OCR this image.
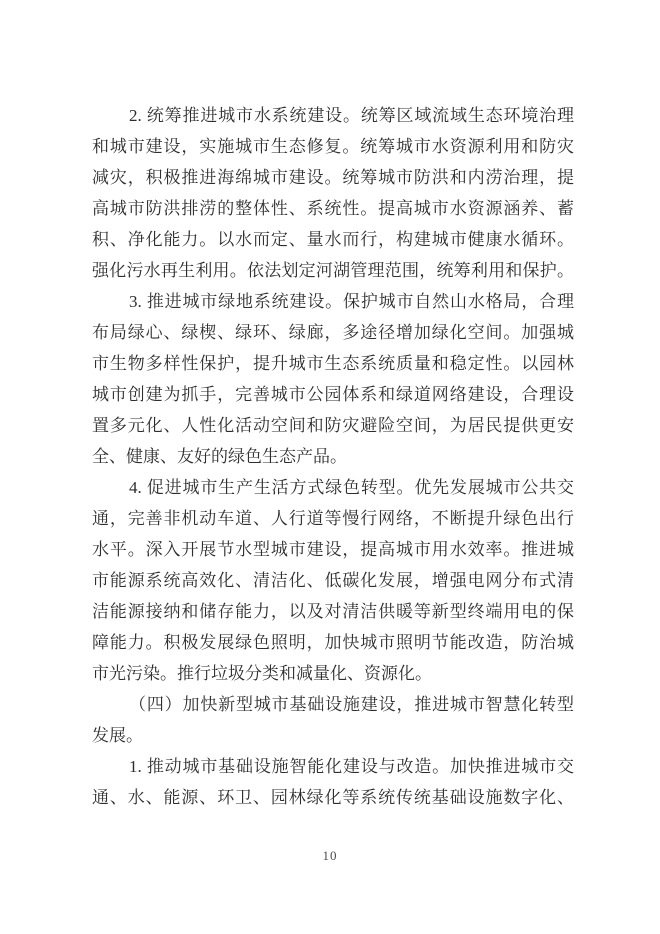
2. 统筹推进城市水系统建设。统筹区域流域生态环境治理
和城市建设，实施城市生态修复。统筹城市水资源利用和防灾
减灾，积极推进海绵城市建设。统筹城市防洪和内涝治理，提
高城市防洪排涝的整体性、系统性。提高城市水资源涵养、蓄
积、净化能力。以水而定、量水而行，构建城市健康水循环。
强化污水再生利用。依法划定河湖管理范围，统筹利用和保护。
3. 推进城市绿地系统建设。保护城市自然山水格局，合理
布局绿心、绿楔、绿环、绿廊，多途径增加绿化空间。加强城
市生物多样性保护，提升城市生态系统质量和稳定性。以园林
城市创建为抓手，完善城市公园体系和绿道网络建设，合理设
置多元化、人性化活动空间和防灾避险空间，为居民提供更安
全、健康、友好的绿色生态产品。
4. 促进城市生产生活方式绿色转型。优先发展城市公共交
通，完善非机动车道、人行道等慢行网络，不断提升绿色出行
水平。深入开展节水型城市建设，提高城市用水效率。推进城
市能源系统高效化、清洁化、低碳化发展，增强电网分布式清
洁能源接纳和储存能力，以及对清洁供暖等新型终端用电的保
障能力。积极发展绿色照明，加快城市照明节能改造，防治城
市光污染。推行垃圾分类和减量化、资源化。
（四）加快新型城市基础设施建设，推进城市智慧化转型
发展。
1. 推动城市基础设施智能化建设与改造。加快推进城市交
通、水、能源、环卫、园林绿化等系统传统基础设施数字化、
10
